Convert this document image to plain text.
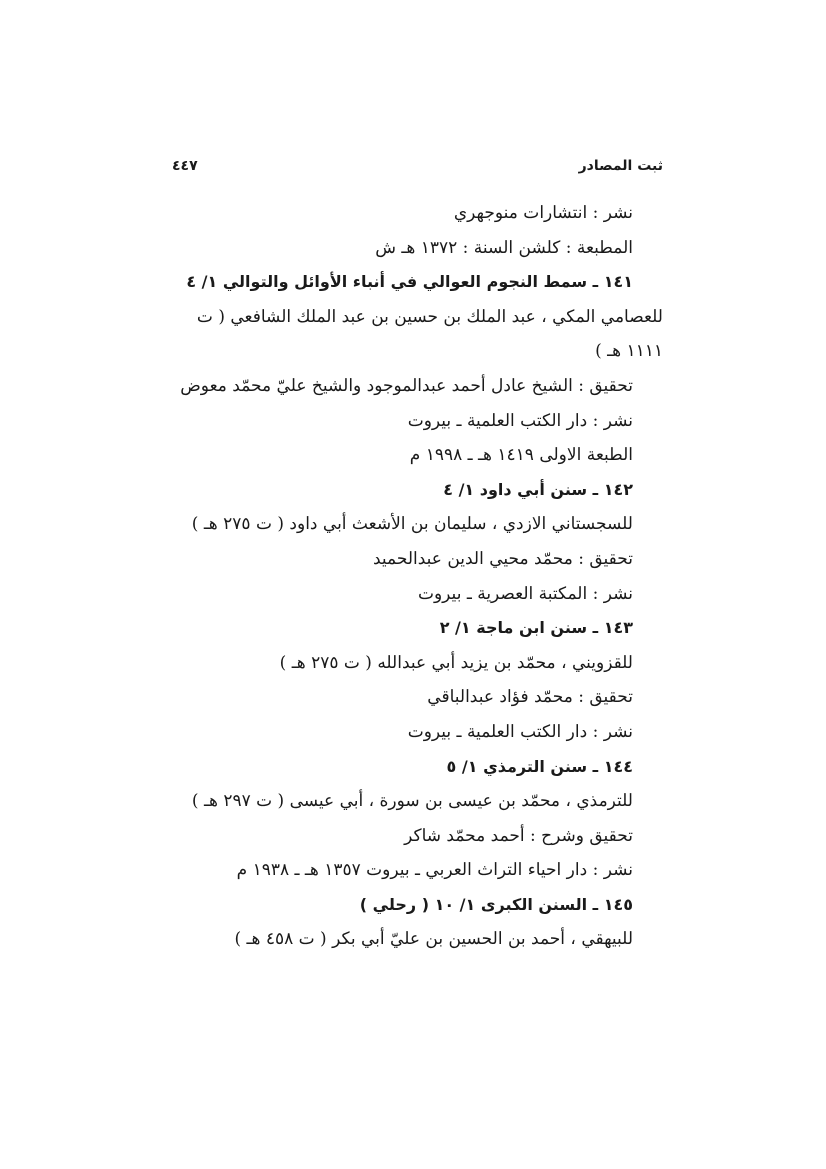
ثبت المصادر
٤٤٧
نشر : انتشارات منوجهري
المطبعة : كلشن السنة : ١٣٧٢ هـ ش
١٤١ ـ سمط النجوم العوالي في أنباء الأوائل والتوالي ١/ ٤
للعصامي المكي ، عبد الملك بن حسين بن عبد الملك الشافعي ( ت
١١١١ هـ )
تحقيق : الشيخ عادل أحمد عبدالموجود والشيخ عليّ محمّد معوض
نشر : دار الكتب العلمية ـ بيروت
الطبعة الاولى ١٤١٩ هـ ـ ١٩٩٨ م
١٤٢ ـ سنن أبي داود ١/ ٤
للسجستاني الازدي ، سليمان بن الأشعث أبي داود ( ت ٢٧٥ هـ )
تحقيق : محمّد محيي الدين عبدالحميد
نشر : المكتبة العصرية ـ بيروت
١٤٣ ـ سنن ابن ماجة ١/ ٢
للقزويني ، محمّد بن يزيد أبي عبدالله ( ت ٢٧٥ هـ )
تحقيق : محمّد فؤاد عبدالباقي
نشر : دار الكتب العلمية ـ بيروت
١٤٤ ـ سنن الترمذي ١/ ٥
للترمذي ، محمّد بن عيسى بن سورة ، أبي عيسى ( ت ٢٩٧ هـ )
تحقيق وشرح : أحمد محمّد شاكر
نشر : دار احياء التراث العربي ـ بيروت ١٣٥٧ هـ ـ ١٩٣٨ م
١٤٥ ـ السنن الكبرى ١/ ١٠ ( رحلي )
للبيهقي ، أحمد بن الحسين بن عليّ أبي بكر ( ت ٤٥٨ هـ )
